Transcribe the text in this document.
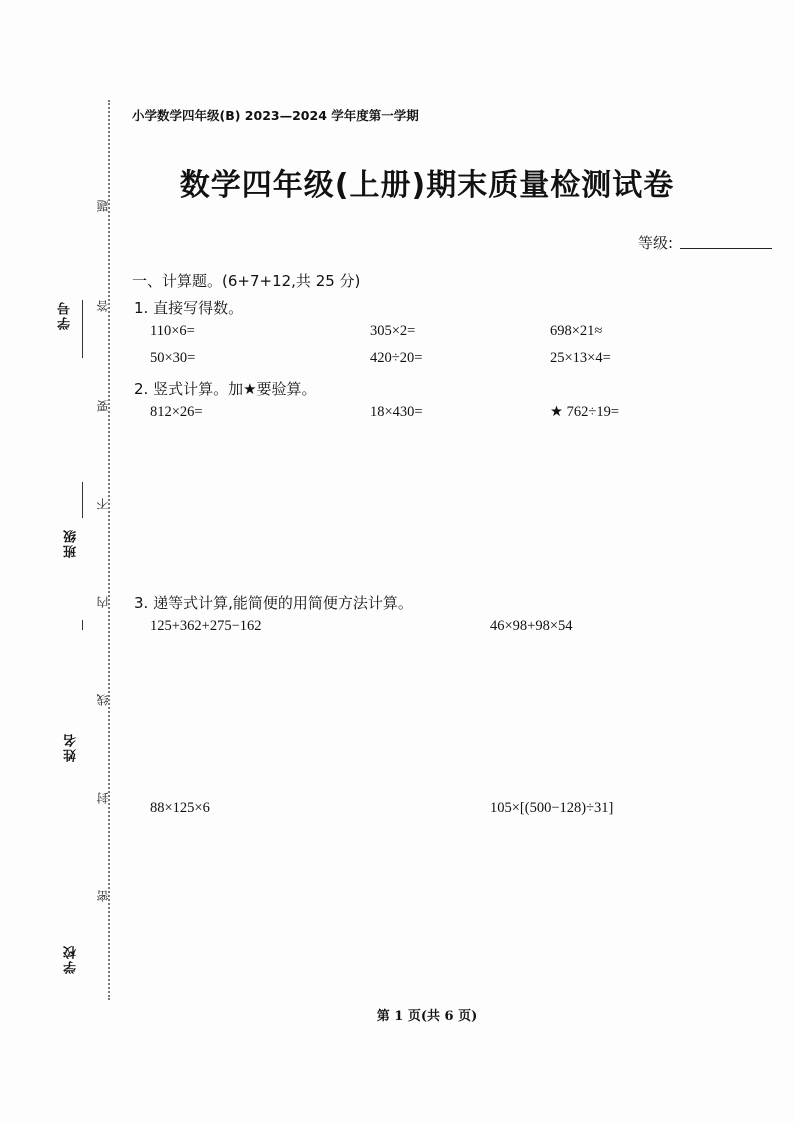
学号
班级
姓名
学校
题
答
要
不
内
线
封
密
小学数学四年级(B) 2023—2024 学年度第一学期
数学四年级(上册)期末质量检测试卷
等级:
一、计算题。(6+7+12,共 25 分)
1. 直接写得数。
110×6=	305×2=	698×21≈
50×30=	420÷20=	25×13×4=
2. 竖式计算。加★要验算。
812×26=	18×430=	★ 762÷19=
3. 递等式计算,能简便的用简便方法计算。
125+362+275−162	46×98+98×54
88×125×6	105×[(500−128)÷31]
第 1 页(共 6 页)
